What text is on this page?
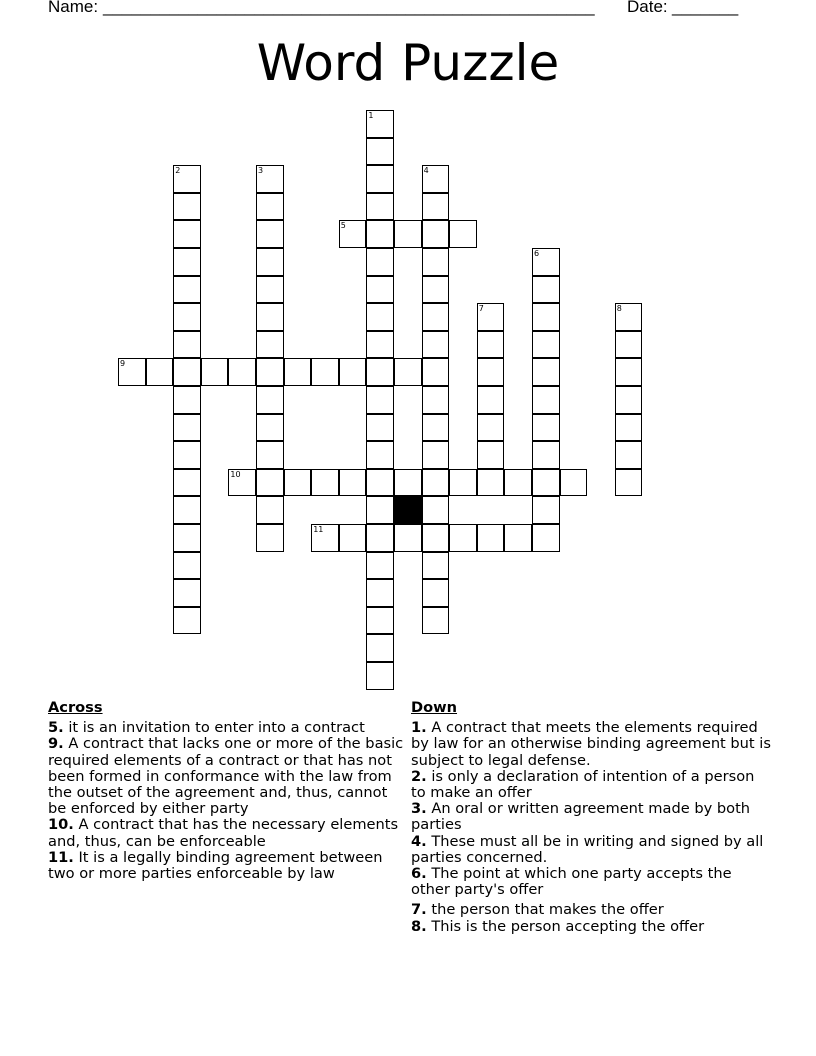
Name: ____________________________________________________ Date: _______
Word Puzzle
1
2	3	4
5
6
7	8
9
10
11
Across
5. it is an invitation to enter into a contract
9. A contract that lacks one or more of the basic required elements of a contract or that has not been formed in conformance with the law from the outset of the agreement and, thus, cannot be enforced by either party
10. A contract that has the necessary elements and, thus, can be enforceable
11. It is a legally binding agreement between two or more parties enforceable by law
Down
1. A contract that meets the elements required by law for an otherwise binding agreement but is subject to legal defense.
2. is only a declaration of intention of a person to make an offer
3. An oral or written agreement made by both parties
4. These must all be in writing and signed by all parties concerned.
6. The point at which one party accepts the other party's offer
7. the person that makes the offer
8. This is the person accepting the offer
